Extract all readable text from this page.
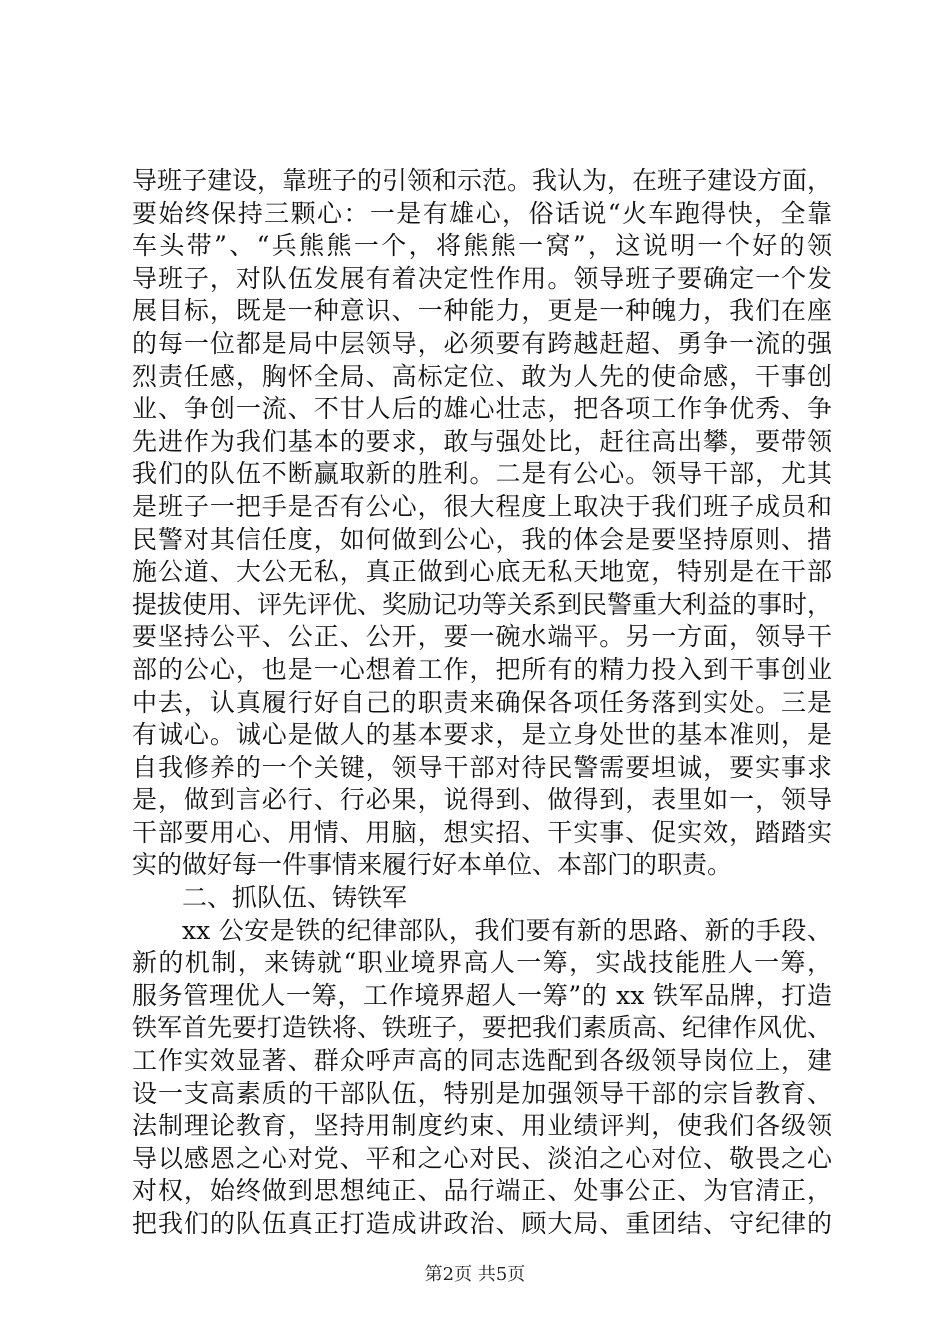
导班子建设，靠班子的引领和示范。我认为，在班子建设方面，
要始终保持三颗心：一是有雄心，俗话说“火车跑得快，全靠
车头带”、“兵熊熊一个，将熊熊一窝”，这说明一个好的领
导班子，对队伍发展有着决定性作用。领导班子要确定一个发
展目标，既是一种意识、一种能力，更是一种魄力，我们在座
的每一位都是局中层领导，必须要有跨越赶超、勇争一流的强
烈责任感，胸怀全局、高标定位、敢为人先的使命感，干事创
业、争创一流、不甘人后的雄心壮志，把各项工作争优秀、争
先进作为我们基本的要求，敢与强处比，赶往高出攀，要带领
我们的队伍不断赢取新的胜利。二是有公心。领导干部，尤其
是班子一把手是否有公心，很大程度上取决于我们班子成员和
民警对其信任度，如何做到公心，我的体会是要坚持原则、措
施公道、大公无私，真正做到心底无私天地宽，特别是在干部
提拔使用、评先评优、奖励记功等关系到民警重大利益的事时，
要坚持公平、公正、公开，要一碗水端平。另一方面，领导干
部的公心，也是一心想着工作，把所有的精力投入到干事创业
中去，认真履行好自己的职责来确保各项任务落到实处。三是
有诚心。诚心是做人的基本要求，是立身处世的基本准则，是
自我修养的一个关键，领导干部对待民警需要坦诚，要实事求
是，做到言必行、行必果，说得到、做得到，表里如一，领导
干部要用心、用情、用脑，想实招、干实事、促实效，踏踏实
实的做好每一件事情来履行好本单位、本部门的职责。
二、抓队伍、铸铁军
xx 公安是铁的纪律部队，我们要有新的思路、新的手段、
新的机制，来铸就“职业境界高人一筹，实战技能胜人一筹，
服务管理优人一筹，工作境界超人一筹”的 xx 铁军品牌，打造
铁军首先要打造铁将、铁班子，要把我们素质高、纪律作风优、
工作实效显著、群众呼声高的同志选配到各级领导岗位上，建
设一支高素质的干部队伍，特别是加强领导干部的宗旨教育、
法制理论教育，坚持用制度约束、用业绩评判，使我们各级领
导以感恩之心对党、平和之心对民、淡泊之心对位、敬畏之心
对权，始终做到思想纯正、品行端正、处事公正、为官清正，
把我们的队伍真正打造成讲政治、顾大局、重团结、守纪律的
第2页 共5页
